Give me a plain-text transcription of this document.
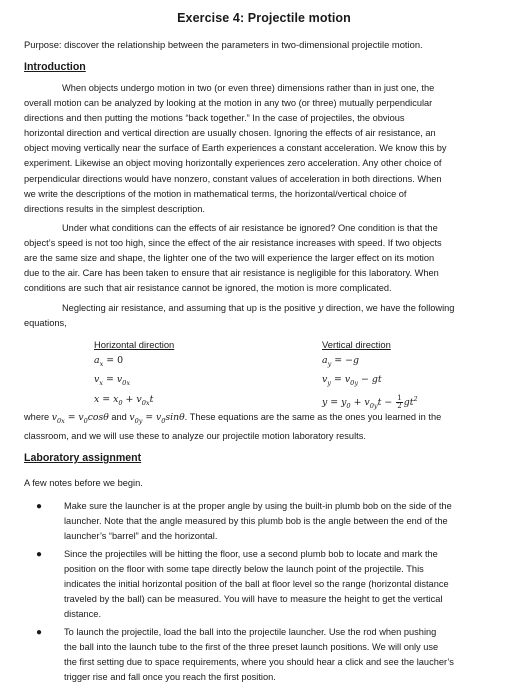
Exercise 4: Projectile motion
Purpose: discover the relationship between the parameters in two-dimensional projectile motion.
Introduction
When objects undergo motion in two (or even three) dimensions rather than in just one, the
overall motion can be analyzed by looking at the motion in any two (or three) mutually perpendicular
directions and then putting the motions “back together.” In the case of projectiles, the obvious
horizontal direction and vertical direction are usually chosen. Ignoring the effects of air resistance, an
object moving vertically near the surface of Earth experiences a constant acceleration. We know this by
experiment. Likewise an object moving horizontally experiences zero acceleration. Any other choice of
perpendicular directions would have nonzero, constant values of acceleration in both directions. When
we write the descriptions of the motion in mathematical terms, the horizontal/vertical choice of
directions results in the simplest description.
Under what conditions can the effects of air resistance be ignored? One condition is that the
object’s speed is not too high, since the effect of the air resistance increases with speed. If two objects
are the same size and shape, the lighter one of the two will experience the larger effect on its motion
due to the air. Care has been taken to ensure that air resistance is negligible for this laboratory. When
conditions are such that air resistance cannot be ignored, the motion is more complicated.
Neglecting air resistance, and assuming that up is the positive y direction, we have the following
equations,
Horizontal direction
$a_x = 0$
$v_x = v_{0x}$
$x = x_0 + v_{0x}t$
Vertical direction
$a_y = -g$
$v_y = v_{0y}$ − gt
$y = y_0 + v_{0y}t - \frac{1}{2} gt^2$
where $v_{0x} = v_0\cos\theta$ and $v_{0y} = v_0\sin\theta$. These equations are the same as the ones you learned in the
classroom, and we will use these to analyze our projectile motion laboratory results.
Laboratory assignment
A few notes before we begin.
● Make sure the launcher is at the proper angle by using the built-in plumb bob on the side of the
launcher. Note that the angle measured by this plumb bob is the angle between the end of the
launcher’s “barrel” and the horizontal.
● Since the projectiles will be hitting the floor, use a second plumb bob to locate and mark the
position on the floor with some tape directly below the launch point of the projectile. This
indicates the initial horizontal position of the ball at floor level so the range (horizontal distance
traveled by the ball) can be measured. You will have to measure the height to get the vertical
distance.
● To launch the projectile, load the ball into the projectile launcher. Use the rod when pushing
the ball into the launch tube to the first of the three preset launch positions. We will only use
the first setting due to space requirements, where you should hear a click and see the laucher’s
trigger rise and fall once you reach the first position.
